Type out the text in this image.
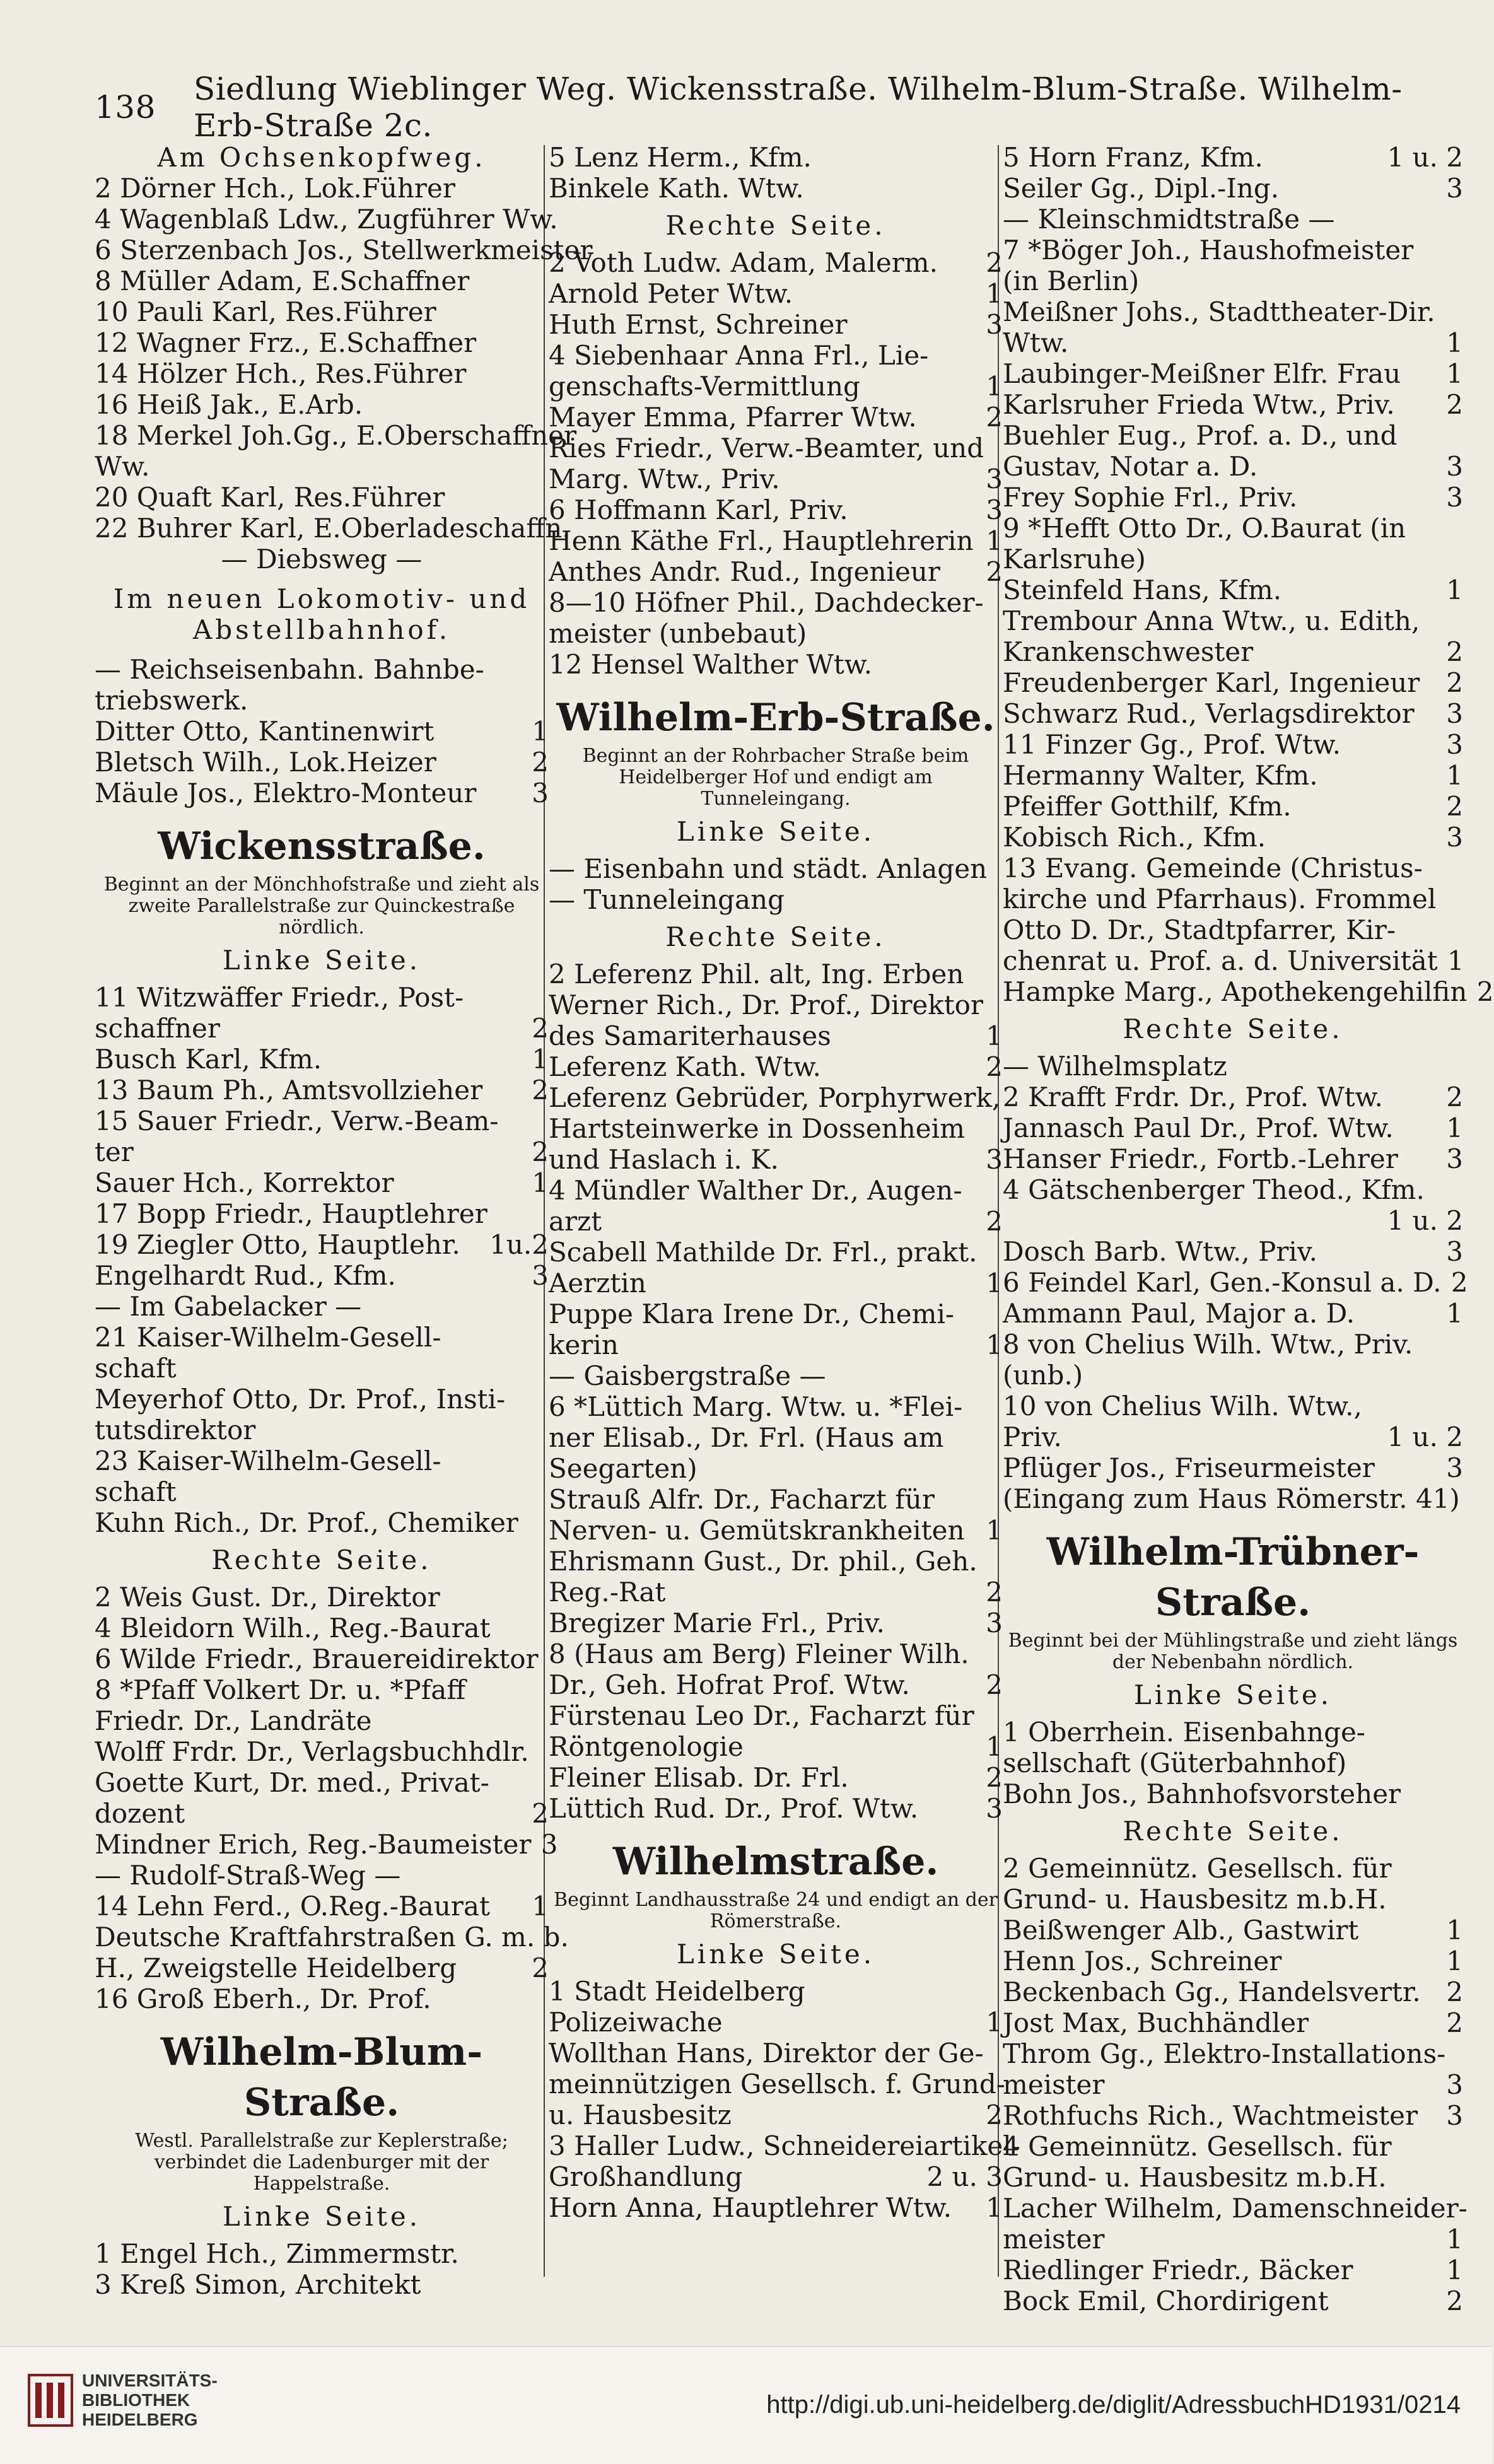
138 Siedlung Wieblinger Weg. Wickensstraße. Wilhelm-Blum-Straße. Wilhelm-Erb-Straße 2c.
Am Ochsenkopfweg.
2 Dörner Hch., Lok.Führer
4 Wagenblaß Ldw., Zugführer Ww.
6 Sterzenbach Jos., Stellwerkmeister
8 Müller Adam, E.Schaffner
10 Pauli Karl, Res.Führer
12 Wagner Frz., E.Schaffner
14 Hölzer Hch., Res.Führer
16 Heiß Jak., E.Arb.
18 Merkel Joh.Gg., E.Oberschaffner
Ww.
20 Quaft Karl, Res.Führer
22 Buhrer Karl, E.Oberladeschaffn.
— Diebsweg —
Im neuen Lokomotiv- und
Abstellbahnhof.
— Reichseisenbahn. Bahnbe-
triebswerk.
Ditter Otto, Kantinenwirt	1
Bletsch Wilh., Lok.Heizer	2
Mäule Jos., Elektro-Monteur	3
Wickensstraße.
Beginnt an der Mönchhofstraße und zieht als zweite Parallelstraße zur Quinckestraße nördlich.
Linke Seite.
11 Witzwäffer Friedr., Post-
schaffner	2
Busch Karl, Kfm.	1
13 Baum Ph., Amtsvollzieher	2
15 Sauer Friedr., Verw.-Beam-
ter	2
Sauer Hch., Korrektor	1
17 Bopp Friedr., Hauptlehrer
19 Ziegler Otto, Hauptlehr.	1u.2
Engelhardt Rud., Kfm.	3
— Im Gabelacker —
21 Kaiser-Wilhelm-Gesell-
schaft
Meyerhof Otto, Dr. Prof., Insti-
tutsdirektor
23 Kaiser-Wilhelm-Gesell-
schaft
Kuhn Rich., Dr. Prof., Chemiker
Rechte Seite.
2 Weis Gust. Dr., Direktor
4 Bleidorn Wilh., Reg.-Baurat
6 Wilde Friedr., Brauereidirektor
8 *Pfaff Volkert Dr. u. *Pfaff
Friedr. Dr., Landräte
Wolff Frdr. Dr., Verlagsbuchhdlr.
Goette Kurt, Dr. med., Privat-
dozent	2
Mindner Erich, Reg.-Baumeister 3
— Rudolf-Straß-Weg —
14 Lehn Ferd., O.Reg.-Baurat	1
Deutsche Kraftfahrstraßen G. m. b.
H., Zweigstelle Heidelberg	2
16 Groß Eberh., Dr. Prof.
Wilhelm-Blum-Straße.
Westl. Parallelstraße zur Keplerstraße; verbindet die Ladenburger mit der Happelstraße.
Linke Seite.
1 Engel Hch., Zimmermstr.
3 Kreß Simon, Architekt
5 Lenz Herm., Kfm.
Binkele Kath. Wtw.
Rechte Seite.
2 Voth Ludw. Adam, Malerm.	2
Arnold Peter Wtw.	1
Huth Ernst, Schreiner	3
4 Siebenhaar Anna Frl., Lie-
genschafts-Vermittlung	1
Mayer Emma, Pfarrer Wtw.	2
Ries Friedr., Verw.-Beamter, und
Marg. Wtw., Priv.	3
6 Hoffmann Karl, Priv.	3
Henn Käthe Frl., Hauptlehrerin 1
Anthes Andr. Rud., Ingenieur	2
8—10 Höfner Phil., Dachdecker-
meister (unbebaut)
12 Hensel Walther Wtw.
Wilhelm-Erb-Straße.
Beginnt an der Rohrbacher Straße beim Heidelberger Hof und endigt am Tunneleingang.
Linke Seite.
— Eisenbahn und städt. Anlagen
— Tunneleingang
Rechte Seite.
2 Leferenz Phil. alt, Ing. Erben
Werner Rich., Dr. Prof., Direktor
des Samariterhauses	1
Leferenz Kath. Wtw.	2
Leferenz Gebrüder, Porphyrwerk,
Hartsteinwerke in Dossenheim
und Haslach i. K.	3
4 Mündler Walther Dr., Augen-
arzt	2
Scabell Mathilde Dr. Frl., prakt.
Aerztin	1
Puppe Klara Irene Dr., Chemi-
kerin	1
— Gaisbergstraße —
6 *Lüttich Marg. Wtw. u. *Flei-
ner Elisab., Dr. Frl. (Haus am
Seegarten)
Strauß Alfr. Dr., Facharzt für
Nerven- u. Gemütskrankheiten 1
Ehrismann Gust., Dr. phil., Geh.
Reg.-Rat	2
Bregizer Marie Frl., Priv.	3
8 (Haus am Berg) Fleiner Wilh.
Dr., Geh. Hofrat Prof. Wtw.	2
Fürstenau Leo Dr., Facharzt für
Röntgenologie	1
Fleiner Elisab. Dr. Frl.	2
Lüttich Rud. Dr., Prof. Wtw.	3
Wilhelmstraße.
Beginnt Landhausstraße 24 und endigt an der Römerstraße.
Linke Seite.
1 Stadt Heidelberg
Polizeiwache	1
Wollthan Hans, Direktor der Ge-
meinnützigen Gesellsch. f. Grund-
u. Hausbesitz	2
3 Haller Ludw., Schneidereiartikel-
Großhandlung	2 u. 3
Horn Anna, Hauptlehrer Wtw.	1
5 Horn Franz, Kfm.	1 u. 2
Seiler Gg., Dipl.-Ing.	3
— Kleinschmidtstraße —
7 *Böger Joh., Haushofmeister
(in Berlin)
Meißner Johs., Stadttheater-Dir.
Wtw.	1
Laubinger-Meißner Elfr. Frau	1
Karlsruher Frieda Wtw., Priv.	2
Buehler Eug., Prof. a. D., und
Gustav, Notar a. D.	3
Frey Sophie Frl., Priv.	3
9 *Hefft Otto Dr., O.Baurat (in
Karlsruhe)
Steinfeld Hans, Kfm.	1
Trembour Anna Wtw., u. Edith,
Krankenschwester	2
Freudenberger Karl, Ingenieur 2
Schwarz Rud., Verlagsdirektor	3
11 Finzer Gg., Prof. Wtw.	3
Hermanny Walter, Kfm.	1
Pfeiffer Gotthilf, Kfm.	2
Kobisch Rich., Kfm.	3
13 Evang. Gemeinde (Christus-
kirche und Pfarrhaus). Frommel
Otto D. Dr., Stadtpfarrer, Kir-
chenrat u. Prof. a. d. Universität 1
Hampke Marg., Apothekengehilfin 2
Rechte Seite.
— Wilhelmsplatz
2 Krafft Frdr. Dr., Prof. Wtw.	2
Jannasch Paul Dr., Prof. Wtw.	1
Hanser Friedr., Fortb.-Lehrer	3
4 Gätschenberger Theod., Kfm.
1 u. 2
Dosch Barb. Wtw., Priv.	3
6 Feindel Karl, Gen.-Konsul a. D. 2
Ammann Paul, Major a. D.	1
8 von Chelius Wilh. Wtw., Priv.
(unb.)
10 von Chelius Wilh. Wtw.,
Priv.	1 u. 2
Pflüger Jos., Friseurmeister	3
(Eingang zum Haus Römerstr. 41)
Wilhelm-Trübner-Straße.
Beginnt bei der Mühlingstraße und zieht längs der Nebenbahn nördlich.
Linke Seite.
1 Oberrhein. Eisenbahnge-
sellschaft (Güterbahnhof)
Bohn Jos., Bahnhofsvorsteher
Rechte Seite.
2 Gemeinnütz. Gesellsch. für
Grund- u. Hausbesitz m.b.H.
Beißwenger Alb., Gastwirt	1
Henn Jos., Schreiner	1
Beckenbach Gg., Handelsvertr. 2
Jost Max, Buchhändler	2
Throm Gg., Elektro-Installations-
meister	3
Rothfuchs Rich., Wachtmeister	3
4 Gemeinnütz. Gesellsch. für
Grund- u. Hausbesitz m.b.H.
Lacher Wilhelm, Damenschneider-
meister	1
Riedlinger Friedr., Bäcker	1
Bock Emil, Chordirigent	2
UNIVERSITÄTS-
BIBLIOTHEK
HEIDELBERG
http://digi.ub.uni-heidelberg.de/diglit/AdressbuchHD1931/0214
